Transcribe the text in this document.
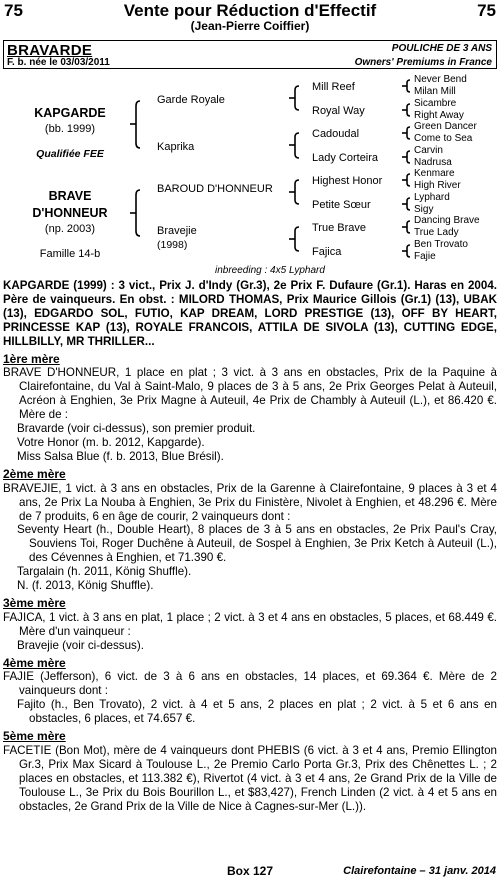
75	Vente pour Réduction d'Effectif	75
(Jean-Pierre Coiffier)
BRAVARDE	POULICHE DE 3 ANS
F. b. née le 03/03/2011	Owners' Premiums in France
KAPGARDE
(bb. 1999)
Qualifiée FEE
BRAVE
D'HONNEUR
(np. 2003)
Famille 14-b
Garde Royale
Kaprika
BAROUD D'HONNEUR
Bravejie
(1998)
Mill Reef
Royal Way
Cadoudal
Lady Corteira
Highest Honor
Petite Sœur
True Brave
Fajica
Never Bend
Milan Mill
Sicambre
Right Away
Green Dancer
Come to Sea
Carvin
Nadrusa
Kenmare
High River
Lyphard
Sigy
Dancing Brave
True Lady
Ben Trovato
Fajie
inbreeding : 4x5 Lyphard

KAPGARDE (1999) : 3 vict., Prix J. d'Indy (Gr.3), 2e Prix F. Dufaure (Gr.1). Haras en 2004. Père de vainqueurs. En obst. : MILORD THOMAS, Prix Maurice Gillois (Gr.1) (13), UBAK (13), EDGARDO SOL, FUTIO, KAP DREAM, LORD PRESTIGE (13), OFF BY HEART, PRINCESSE KAP (13), ROYALE FRANCOIS, ATTILA DE SIVOLA (13), CUTTING EDGE, HILLBILLY, MR THRILLER...

1ère mère

BRAVE D'HONNEUR, 1 place en plat ; 3 vict. à 3 ans en obstacles, Prix de la Paquine à Clairefontaine, du Val à Saint-Malo, 9 places de 3 à 5 ans, 2e Prix Georges Pelat à Auteuil, Acréon à Enghien, 3e Prix Magne à Auteuil, 4e Prix de Chambly à Auteuil (L.), et 86.420 €. Mère de :

Bravarde (voir ci-dessus), son premier produit.

Votre Honor (m. b. 2012, Kapgarde).

Miss Salsa Blue (f. b. 2013, Blue Brésil).

2ème mère

BRAVEJIE, 1 vict. à 3 ans en obstacles, Prix de la Garenne à Clairefontaine, 9 places à 3 et 4 ans, 2e Prix La Nouba à Enghien, 3e Prix du Finistère, Nivolet à Enghien, et 48.296 €. Mère de 7 produits, 6 en âge de courir, 2 vainqueurs dont :

Seventy Heart (h., Double Heart), 8 places de 3 à 5 ans en obstacles, 2e Prix Paul's Cray, Souviens Toi, Roger Duchêne à Auteuil, de Sospel à Enghien, 3e Prix Ketch à Auteuil (L.), des Cévennes à Enghien, et 71.390 €.

Targalain (h. 2011, König Shuffle).

N. (f. 2013, König Shuffle).

3ème mère

FAJICA, 1 vict. à 3 ans en plat, 1 place ; 2 vict. à 3 et 4 ans en obstacles, 5 places, et 68.449 €. Mère d'un vainqueur :

Bravejie (voir ci-dessus).

4ème mère

FAJIE (Jefferson), 6 vict. de 3 à 6 ans en obstacles, 14 places, et 69.364 €. Mère de 2 vainqueurs dont :

Fajito (h., Ben Trovato), 2 vict. à 4 et 5 ans, 2 places en plat ; 2 vict. à 5 et 6 ans en obstacles, 6 places, et 74.657 €.

5ème mère

FACETIE (Bon Mot), mère de 4 vainqueurs dont PHEBIS (6 vict. à 3 et 4 ans, Premio Ellington Gr.3, Prix Max Sicard à Toulouse L., 2e Premio Carlo Porta Gr.3, Prix des Chênettes L. ; 2 places en obstacles, et 113.382 €), Rivertot (4 vict. à 3 et 4 ans, 2e Grand Prix de la Ville de Toulouse L., 3e Prix du Bois Bourillon L., et $83,427), French Linden (2 vict. à 4 et 5 ans en obstacles, 2e Grand Prix de la Ville de Nice à Cagnes-sur-Mer (L.)).

Box 127	Clairefontaine – 31 janv. 2014
